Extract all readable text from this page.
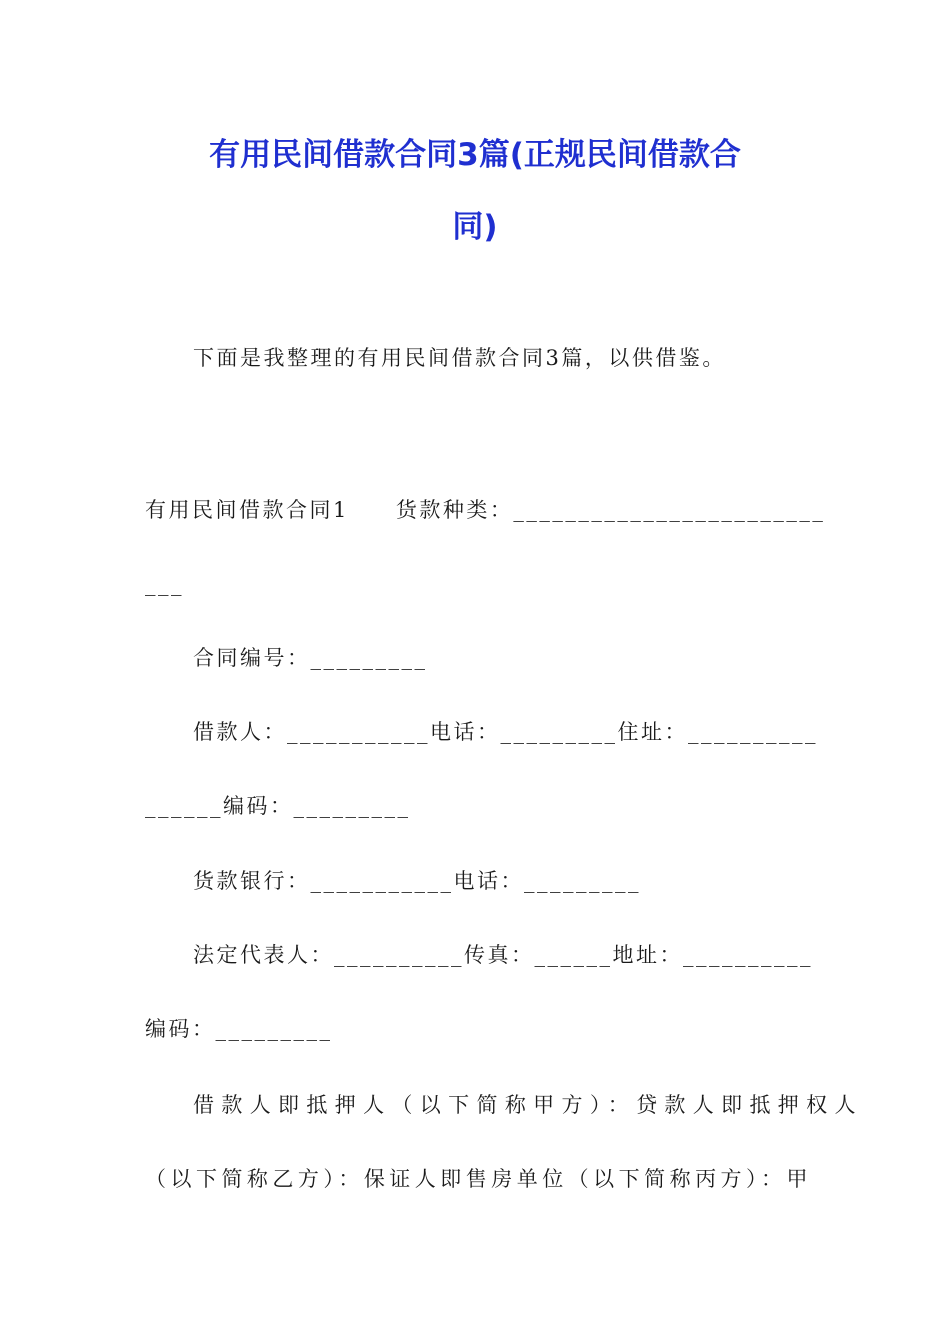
有用民间借款合同3篇(正规民间借款合
同)

下面是我整理的有用民间借款合同3篇，以供借鉴。

有用民间借款合同1　　货款种类：________________________

___

合同编号：_________

借款人：___________电话：_________住址：__________

______编码：_________

货款银行：___________电话：_________

法定代表人：__________传真：______地址：__________

编码：_________

借款人即抵押人（以下简称甲方）：贷款人即抵押权人

（以下简称乙方）：保证人即售房单位（以下简称丙方）：甲
